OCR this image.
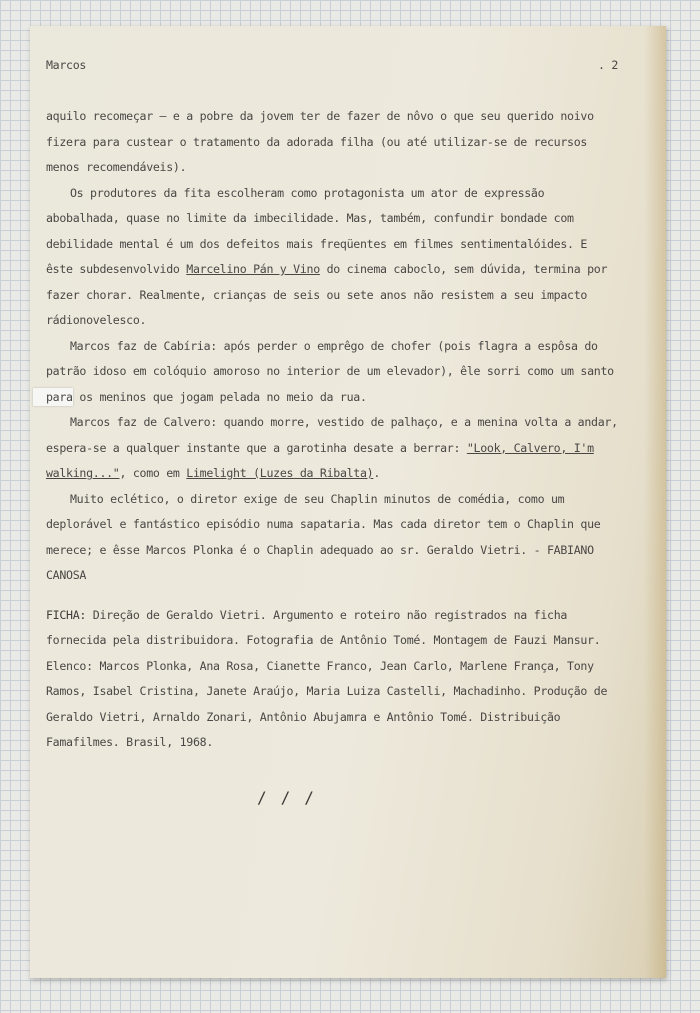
Marcos	. 2

aquilo recomeçar — e a pobre da jovem ter de fazer de nôvo o que seu querido noivo fizera para custear o tratamento da adorada filha (ou até utilizar-se de recursos menos recomendáveis).

Os produtores da fita escolheram como protagonista um ator de expressão abobalhada, quase no limite da imbecilidade. Mas, também, confundir bondade com debilidade mental é um dos defeitos mais freqüentes em filmes sentimentalóides. E êste subdesenvolvido Marcelino Pán y Vino do cinema caboclo, sem dúvida, termina por fazer chorar. Realmente, crianças de seis ou sete anos não resistem a seu impacto rádionovelesco.

Marcos faz de Cabíria: após perder o emprêgo de chofer (pois flagra a espôsa do patrão idoso em colóquio amoroso no interior de um elevador), êle sorri como um santo para os meninos que jogam pelada no meio da rua.

Marcos faz de Calvero: quando morre, vestido de palhaço, e a menina volta a andar, espera-se a qualquer instante que a garotinha desate a berrar: "Look, Calvero, I'm walking...", como em Limelight (Luzes da Ribalta).

Muito eclético, o diretor exige de seu Chaplin minutos de comédia, como um deplorável e fantástico episódio numa sapataria. Mas cada diretor tem o Chaplin que merece; e êsse Marcos Plonka é o Chaplin adequado ao sr. Geraldo Vietri. - FABIANO CANOSA

FICHA: Direção de Geraldo Vietri. Argumento e roteiro não registrados na ficha fornecida pela distribuidora. Fotografia de Antônio Tomé. Montagem de Fauzi Mansur. Elenco: Marcos Plonka, Ana Rosa, Cianette Franco, Jean Carlo, Marlene França, Tony Ramos, Isabel Cristina, Janete Araújo, Maria Luiza Castelli, Machadinho. Produção de Geraldo Vietri, Arnaldo Zonari, Antônio Abujamra e Antônio Tomé. Distribuição Famafilmes. Brasil, 1968.

///
